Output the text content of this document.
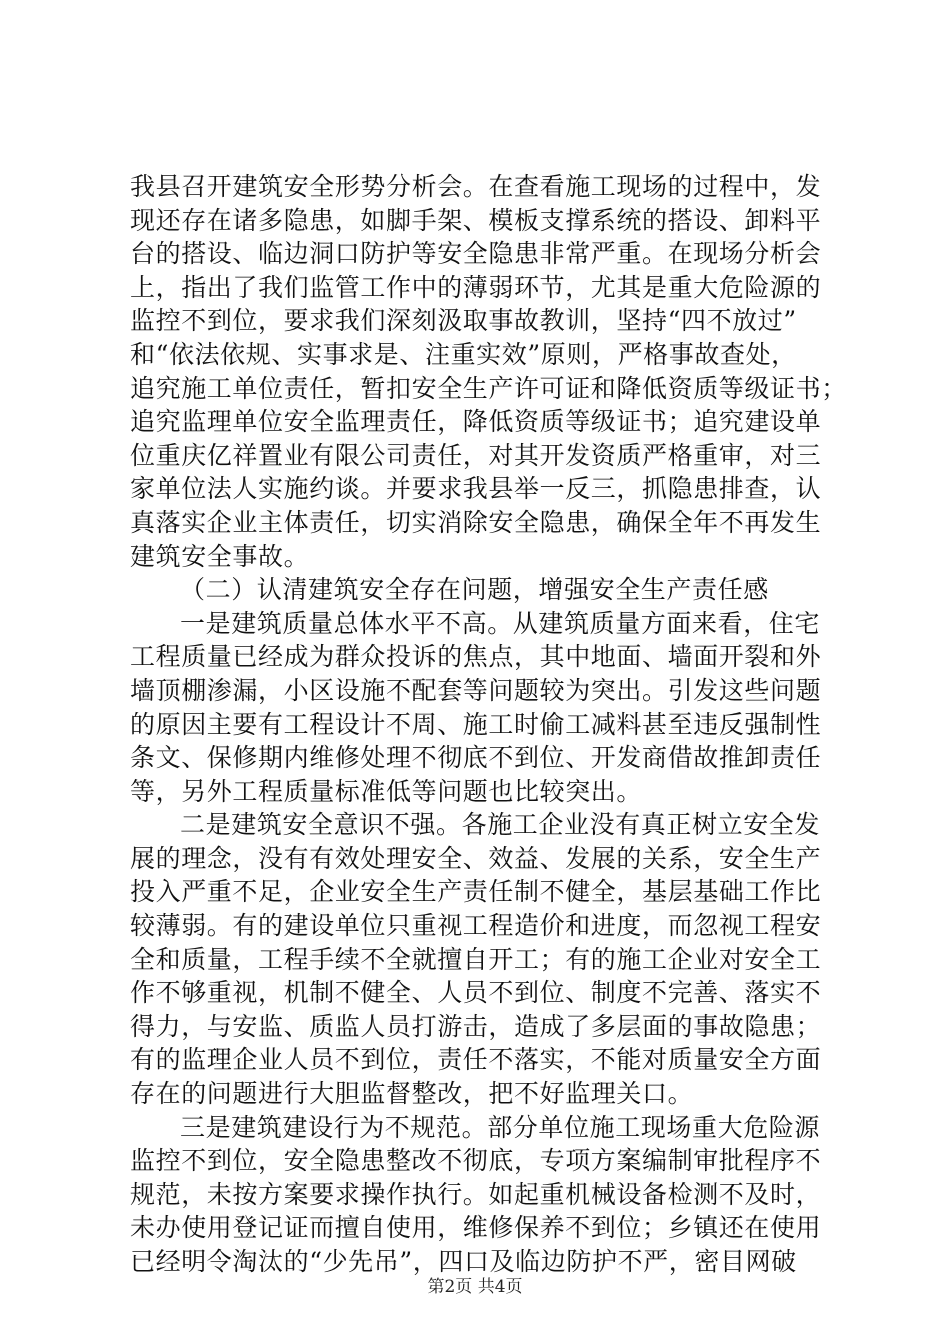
我县召开建筑安全形势分析会。在查看施工现场的过程中，发
现还存在诸多隐患，如脚手架、模板支撑系统的搭设、卸料平
台的搭设、临边洞口防护等安全隐患非常严重。在现场分析会
上，指出了我们监管工作中的薄弱环节，尤其是重大危险源的
监控不到位，要求我们深刻汲取事故教训，坚持“四不放过”
和“依法依规、实事求是、注重实效”原则，严格事故查处，
追究施工单位责任，暂扣安全生产许可证和降低资质等级证书；
追究监理单位安全监理责任，降低资质等级证书；追究建设单
位重庆亿祥置业有限公司责任，对其开发资质严格重审，对三
家单位法人实施约谈。并要求我县举一反三，抓隐患排查，认
真落实企业主体责任，切实消除安全隐患，确保全年不再发生
建筑安全事故。
（二）认清建筑安全存在问题，增强安全生产责任感
一是建筑质量总体水平不高。从建筑质量方面来看，住宅
工程质量已经成为群众投诉的焦点，其中地面、墙面开裂和外
墙顶棚渗漏，小区设施不配套等问题较为突出。引发这些问题
的原因主要有工程设计不周、施工时偷工减料甚至违反强制性
条文、保修期内维修处理不彻底不到位、开发商借故推卸责任
等，另外工程质量标准低等问题也比较突出。
二是建筑安全意识不强。各施工企业没有真正树立安全发
展的理念，没有有效处理安全、效益、发展的关系，安全生产
投入严重不足，企业安全生产责任制不健全，基层基础工作比
较薄弱。有的建设单位只重视工程造价和进度，而忽视工程安
全和质量，工程手续不全就擅自开工；有的施工企业对安全工
作不够重视，机制不健全、人员不到位、制度不完善、落实不
得力，与安监、质监人员打游击，造成了多层面的事故隐患；
有的监理企业人员不到位，责任不落实，不能对质量安全方面
存在的问题进行大胆监督整改，把不好监理关口。
三是建筑建设行为不规范。部分单位施工现场重大危险源
监控不到位，安全隐患整改不彻底，专项方案编制审批程序不
规范，未按方案要求操作执行。如起重机械设备检测不及时，
未办使用登记证而擅自使用，维修保养不到位；乡镇还在使用
已经明令淘汰的“少先吊”，四口及临边防护不严，密目网破
第2页 共4页
